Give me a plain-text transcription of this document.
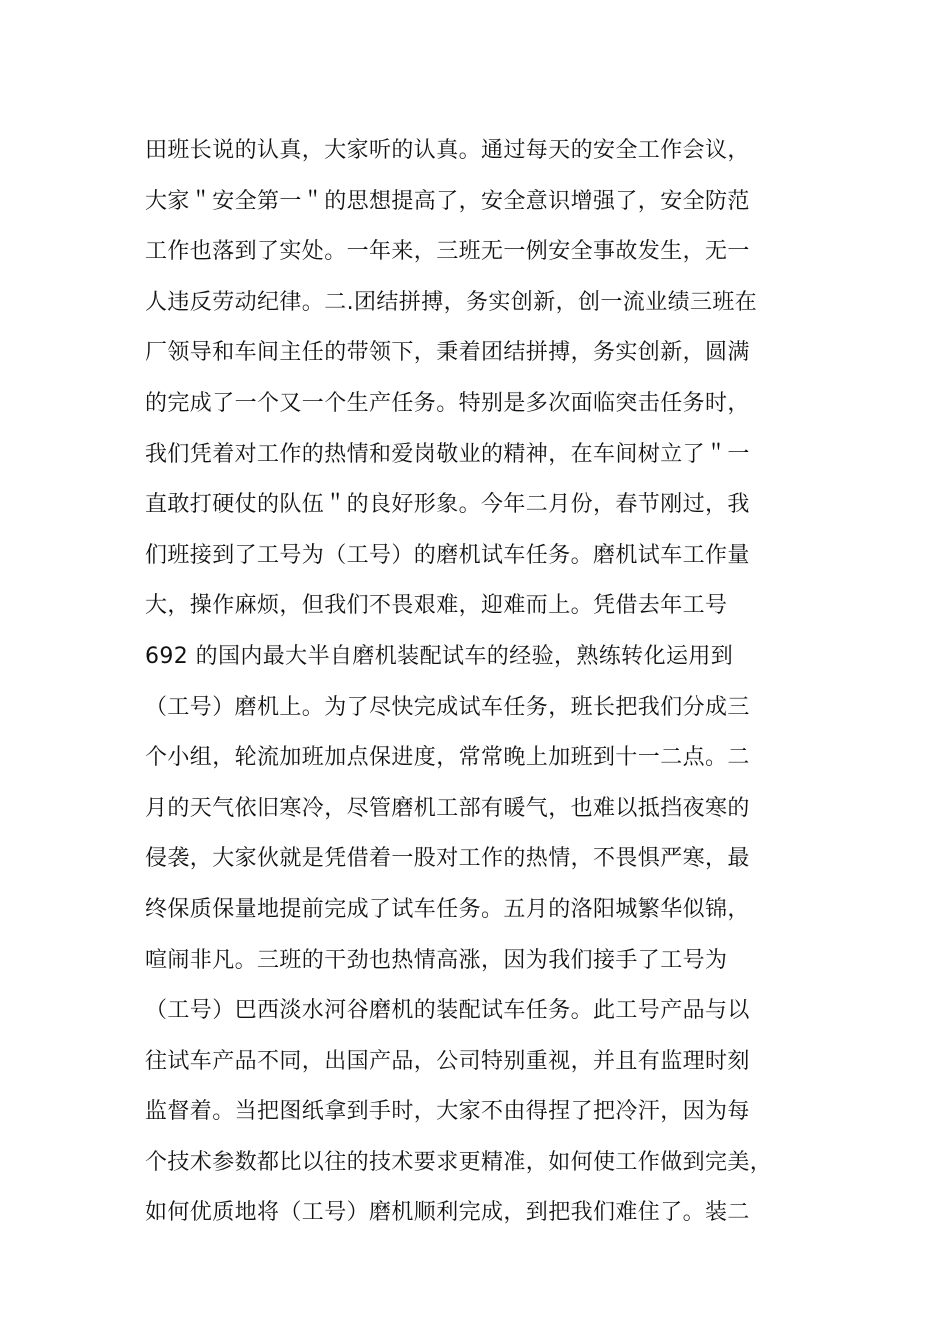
田班长说的认真，大家听的认真。通过每天的安全工作会议，
大家＂安全第一＂的思想提高了，安全意识增强了，安全防范
工作也落到了实处。一年来，三班无一例安全事故发生，无一
人违反劳动纪律。二.团结拼搏，务实创新，创一流业绩三班在
厂领导和车间主任的带领下，秉着团结拼搏，务实创新，圆满
的完成了一个又一个生产任务。特别是多次面临突击任务时，
我们凭着对工作的热情和爱岗敬业的精神，在车间树立了＂一
直敢打硬仗的队伍＂的良好形象。今年二月份，春节刚过，我
们班接到了工号为（工号）的磨机试车任务。磨机试车工作量
大，操作麻烦，但我们不畏艰难，迎难而上。凭借去年工号
692 的国内最大半自磨机装配试车的经验，熟练转化运用到
（工号）磨机上。为了尽快完成试车任务，班长把我们分成三
个小组，轮流加班加点保进度，常常晚上加班到十一二点。二
月的天气依旧寒冷，尽管磨机工部有暖气，也难以抵挡夜寒的
侵袭，大家伙就是凭借着一股对工作的热情，不畏惧严寒，最
终保质保量地提前完成了试车任务。五月的洛阳城繁华似锦，
喧闹非凡。三班的干劲也热情高涨，因为我们接手了工号为
（工号）巴西淡水河谷磨机的装配试车任务。此工号产品与以
往试车产品不同，出国产品，公司特别重视，并且有监理时刻
监督着。当把图纸拿到手时，大家不由得捏了把冷汗，因为每
个技术参数都比以往的技术要求更精准，如何使工作做到完美，
如何优质地将（工号）磨机顺利完成，到把我们难住了。装二
